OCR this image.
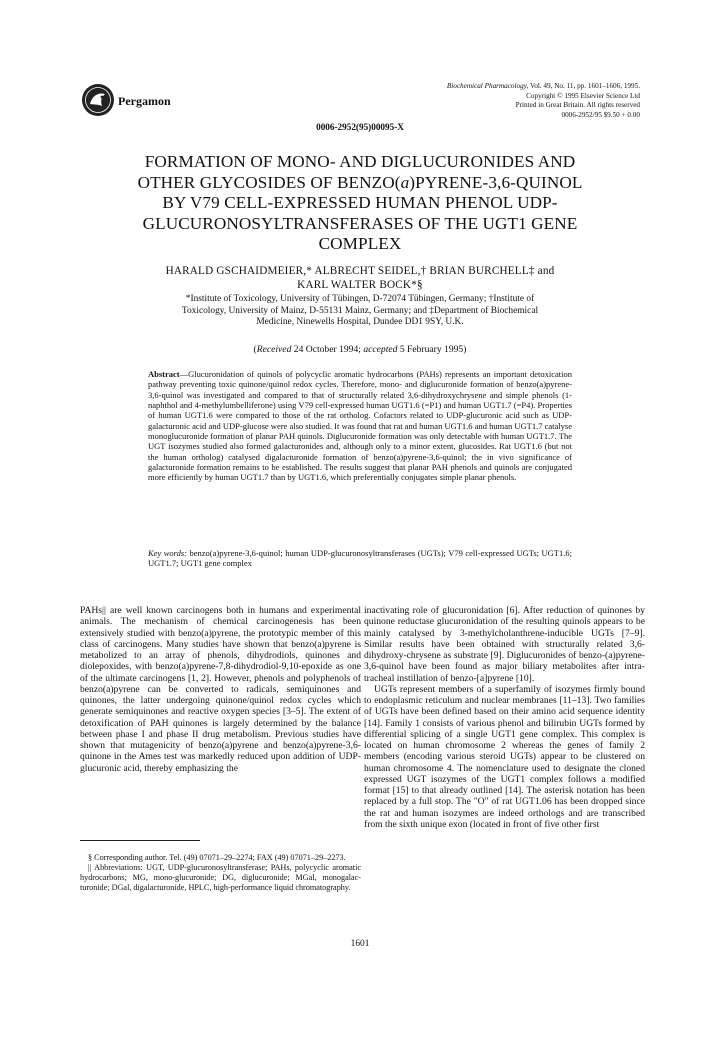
Pergamon
Biochemical Pharmacology, Vol. 49, No. 11, pp. 1601–1606, 1995.
Copyright © 1995 Elsevier Science Ltd
Printed in Great Britain. All rights reserved
0006-2952/95 $9.50 + 0.00
0006-2952(95)00095-X
FORMATION OF MONO- AND DIGLUCURONIDES AND
OTHER GLYCOSIDES OF BENZO(a)PYRENE-3,6-QUINOL
BY V79 CELL-EXPRESSED HUMAN PHENOL UDP-
GLUCURONOSYLTRANSFERASES OF THE UGT1 GENE
COMPLEX
HARALD GSCHAIDMEIER,* ALBRECHT SEIDEL,† BRIAN BURCHELL‡ and
KARL WALTER BOCK*§
*Institute of Toxicology, University of Tübingen, D-72074 Tübingen, Germany; †Institute of
Toxicology, University of Mainz, D-55131 Mainz, Germany; and ‡Department of Biochemical
Medicine, Ninewells Hospital, Dundee DD1 9SY, U.K.
(Received 24 October 1994; accepted 5 February 1995)
Abstract—Glucuronidation of quinols of polycyclic aromatic hydrocarbons (PAHs) represents an important detoxication pathway preventing toxic quinone/quinol redox cycles. Therefore, mono- and diglucuronide formation of benzo(a)pyrene-3,6-quinol was investigated and compared to that of structurally related 3,6-dihydroxychrysene and simple phenols (1-naphthol and 4-methylumbelliferone) using V79 cell-expressed human UGT1.6 (=P1) and human UGT1.7 (=P4). Properties of human UGT1.6 were compared to those of the rat ortholog. Cofactors related to UDP-glucuronic acid such as UDP-galacturonic acid and UDP-glucose were also studied. It was found that rat and human UGT1.6 and human UGT1.7 catalyse monoglucuronide formation of planar PAH quinols. Diglucuronide formation was only detectable with human UGT1.7. The UGT isozymes studied also formed galacturonides and, although only to a minor extent, glucosides. Rat UGT1.6 (but not the human ortholog) catalysed digalacturonide formation of benzo(a)pyrene-3,6-quinol; the in vivo significance of galacturonide formation remains to be established. The results suggest that planar PAH phenols and quinols are conjugated more efficiently by human UGT1.7 than by UGT1.6, which preferentially conjugates simple planar phenols.
Key words: benzo(a)pyrene-3,6-quinol; human UDP-glucuronosyltransferases (UGTs); V79 cell-expressed UGTs; UGT1.6; UGT1.7; UGT1 gene complex

PAHs|| are well known carcinogens both in humans and experimental animals. The mechanism of chemical carcinogenesis has been extensively studied with benzo(a)pyrene, the prototypic member of this class of carcinogens. Many studies have shown that benzo(a)pyrene is metabolized to an array of phenols, dihydrodiols, quinones and diolepoxides, with benzo(a)pyrene-7,8-dihydrodiol-9,10-epoxide as one of the ultimate carcinogens [1, 2]. However, phenols and polyphenols of benzo(a)pyrene can be converted to radicals, semiquinones and quinones, the latter undergoing quinone/quinol redox cycles which generate semiquinones and reactive oxygen species [3–5]. The extent of detoxification of PAH quinones is largely determined by the balance between phase I and phase II drug metabolism. Previous studies have shown that mutagenicity of benzo(a)pyrene and benzo(a)pyrene-3,6-quinone in the Ames test was markedly reduced upon addition of UDP-glucuronic acid, thereby emphasizing the

inactivating role of glucuronidation [6]. After reduction of quinones by quinone reductase glucuronidation of the resulting quinols appears to be mainly catalysed by 3-methylcholanthrene-inducible UGTs [7–9]. Similar results have been obtained with structurally related 3,6-dihydroxy-chrysene as substrate [9]. Diglucuronides of benzo-(a)pyrene-3,6-quinol have been found as major biliary metabolites after intra-tracheal instillation of benzo-[a]pyrene [10].

UGTs represent members of a superfamily of isozymes firmly bound to endoplasmic reticulum and nuclear membranes [11–13]. Two families of UGTs have been defined based on their amino acid sequence identity [14]. Family 1 consists of various phenol and bilirubin UGTs formed by differential splicing of a single UGT1 gene complex. This complex is located on human chromosome 2 whereas the genes of family 2 members (encoding various steroid UGTs) appear to be clustered on human chromosome 4. The nomenclature used to designate the cloned expressed UGT isozymes of the UGT1 complex follows a modified format [15] to that already outlined [14]. The asterisk notation has been replaced by a full stop. The "O" of rat UGT1.06 has been dropped since the rat and human isozymes are indeed orthologs and are transcribed from the sixth unique exon (located in front of five other first

§ Corresponding author. Tel. (49) 07071–29–2274; FAX (49) 07071–29–2273.

|| Abbreviations: UGT, UDP-glucuronosyltransferase; PAHs, polycyclic aromatic hydrocarbons; MG, mono-glucuronide; DG, diglucuronide; MGal, monogalac-turonide; DGal, digalacturonide, HPLC, high-performance liquid chromatography.

1601
